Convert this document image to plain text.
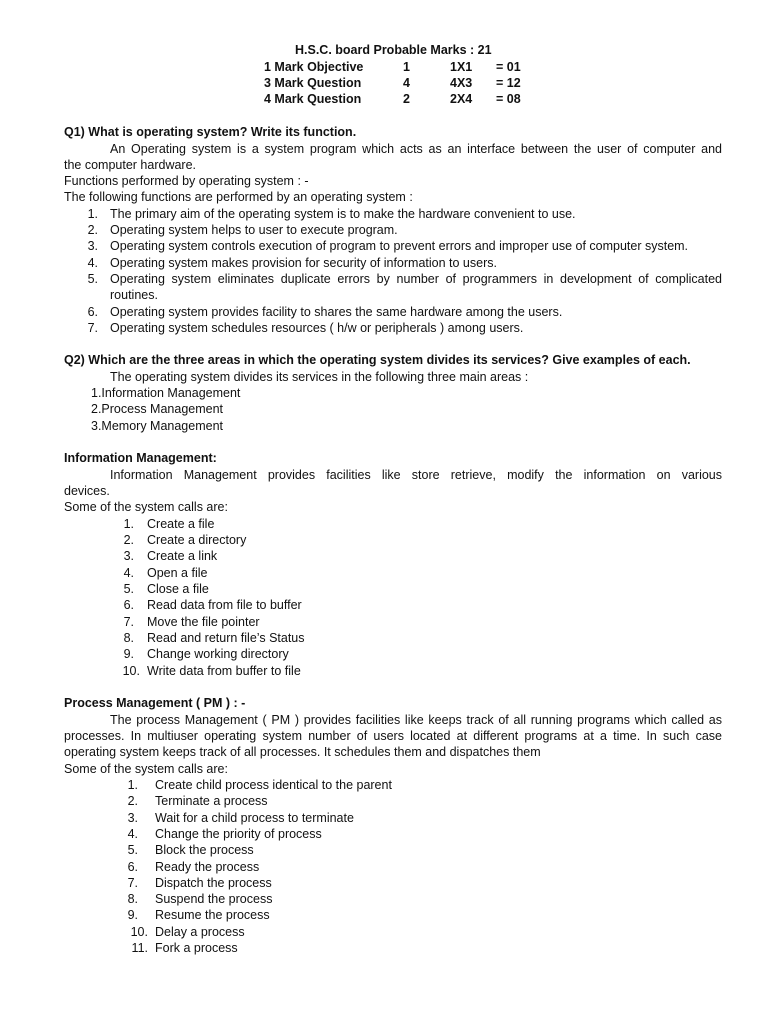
H.S.C. board Probable Marks : 21
1 Mark Objective	1	1X1 = 01
3 Mark Question	4	4X3 = 12
4 Mark Question	2	2X4 = 08
Q1) What is operating system? Write its function.
An Operating system is a system program which acts as an interface between the user of computer and
the computer hardware.
Functions performed by operating system : -
The following functions are performed by an operating system :
1. The primary aim of the operating system is to make the hardware convenient to use.
2. Operating system helps to user to execute program.
3. Operating system controls execution of program to prevent errors and improper use of computer system.
4. Operating system makes provision for security of information to users.
5. Operating system eliminates duplicate errors by number of programmers in development of complicated
routines.
6. Operating system provides facility to shares the same hardware among the users.
7. Operating system schedules resources ( h/w or peripherals ) among users.
Q2) Which are the three areas in which the operating system divides its services? Give examples of each.
The operating system divides its services in the following three main areas :
1.Information Management
2.Process Management
3.Memory Management
Information Management:
Information Management provides facilities like store retrieve, modify the information on various
devices.
Some of the system calls are:
1. Create a file
2. Create a directory
3. Create a link
4. Open a file
5. Close a file
6. Read data from file to buffer
7. Move the file pointer
8. Read and return file’s Status
9. Change working directory
10. Write data from buffer to file
Process Management ( PM ) : -
The process Management ( PM ) provides facilities like keeps track of all running programs which called as
processes. In multiuser operating system number of users located at different programs at a time. In such case
operating system keeps track of all processes. It schedules them and dispatches them
Some of the system calls are:
1. Create child process identical to the parent
2. Terminate a process
3. Wait for a child process to terminate
4. Change the priority of process
5. Block the process
6. Ready the process
7. Dispatch the process
8. Suspend the process
9. Resume the process
10. Delay a process
11. Fork a process
